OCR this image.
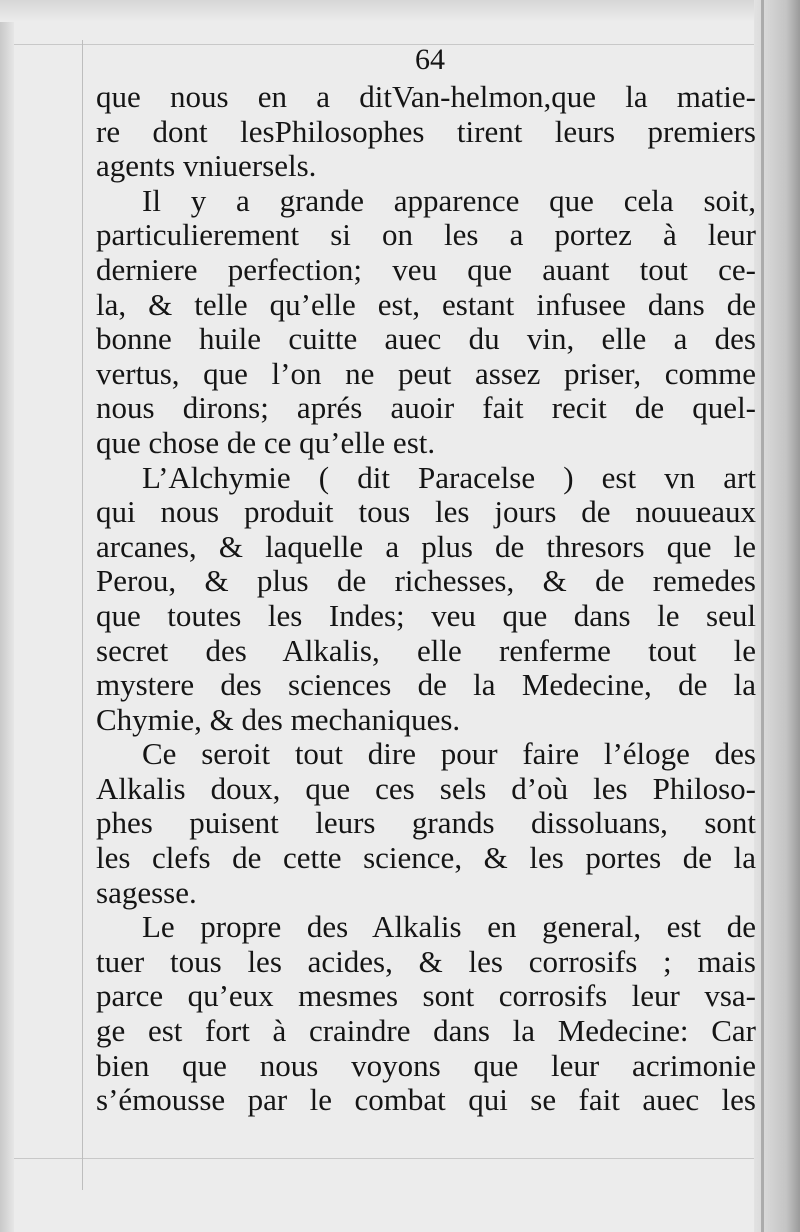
64
que nous en a ditVan-helmon,que la matie-
re dont lesPhilosophes tirent leurs premiers
agents vniuersels.
Il y a grande apparence que cela soit,
particulierement si on les a portez à leur
derniere perfection; veu que auant tout ce-
la, & telle qu’elle est, estant infusee dans de
bonne huile cuitte auec du vin, elle a des
vertus, que l’on ne peut assez priser, comme
nous dirons; aprés auoir fait recit de quel-
que chose de ce qu’elle est.
L’Alchymie ( dit Paracelse ) est vn art
qui nous produit tous les jours de nouueaux
arcanes, & laquelle a plus de thresors que le
Perou, & plus de richesses, & de remedes
que toutes les Indes; veu que dans le seul
secret des Alkalis, elle renferme tout le
mystere des sciences de la Medecine, de la
Chymie, & des mechaniques.
Ce seroit tout dire pour faire l’éloge des
Alkalis doux, que ces sels d’où les Philoso-
phes puisent leurs grands dissoluans, sont
les clefs de cette science, & les portes de la
sagesse.
Le propre des Alkalis en general, est de
tuer tous les acides, & les corrosifs ; mais
parce qu’eux mesmes sont corrosifs leur vsa-
ge est fort à craindre dans la Medecine: Car
bien que nous voyons que leur acrimonie
s’émousse par le combat qui se fait auec les
